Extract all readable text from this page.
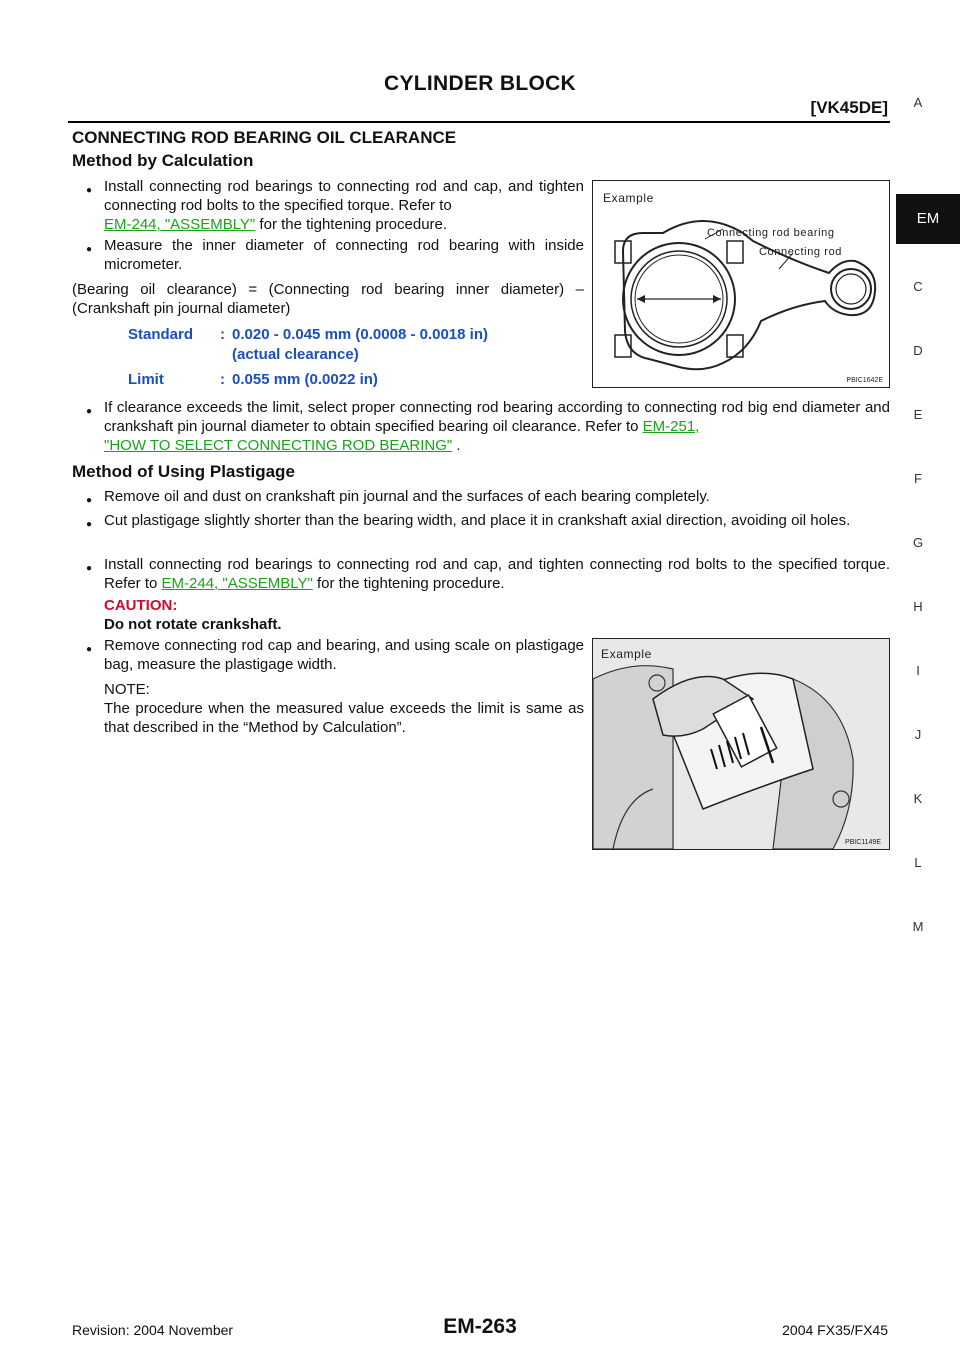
CYLINDER BLOCK
[VK45DE]
CONNECTING ROD BEARING OIL CLEARANCE
Method by Calculation
● Install connecting rod bearings to connecting rod and cap, and tighten connecting rod bolts to the specified torque. Refer to
EM-244, "ASSEMBLY" for the tightening procedure.
● Measure the inner diameter of connecting rod bearing with inside micrometer.
(Bearing oil clearance) = (Connecting rod bearing inner diameter) – (Crankshaft pin journal diameter)
Standard : 0.020 - 0.045 mm (0.0008 - 0.0018 in)
(actual clearance)
Limit	: 0.055 mm (0.0022 in)
Example
Connecting rod bearing
Connecting rod
PBIC1642E
● If clearance exceeds the limit, select proper connecting rod bearing according to connecting rod big end diameter and crankshaft pin journal diameter to obtain specified bearing oil clearance. Refer to EM-251,
"HOW TO SELECT CONNECTING ROD BEARING" .
Method of Using Plastigage
● Remove oil and dust on crankshaft pin journal and the surfaces of each bearing completely.
● Cut plastigage slightly shorter than the bearing width, and place it in crankshaft axial direction, avoiding oil holes.
● Install connecting rod bearings to connecting rod and cap, and tighten connecting rod bolts to the specified torque. Refer to EM-244, "ASSEMBLY" for the tightening procedure.
CAUTION:
Do not rotate crankshaft.
● Remove connecting rod cap and bearing, and using scale on plastigage bag, measure the plastigage width.
NOTE:
The procedure when the measured value exceeds the limit is same as that described in the “Method by Calculation”.
Example
PBIC1149E
EM
A
C
D
E
F
G
H
I
J
K
L
M
Revision: 2004 November	EM-263	2004 FX35/FX45
